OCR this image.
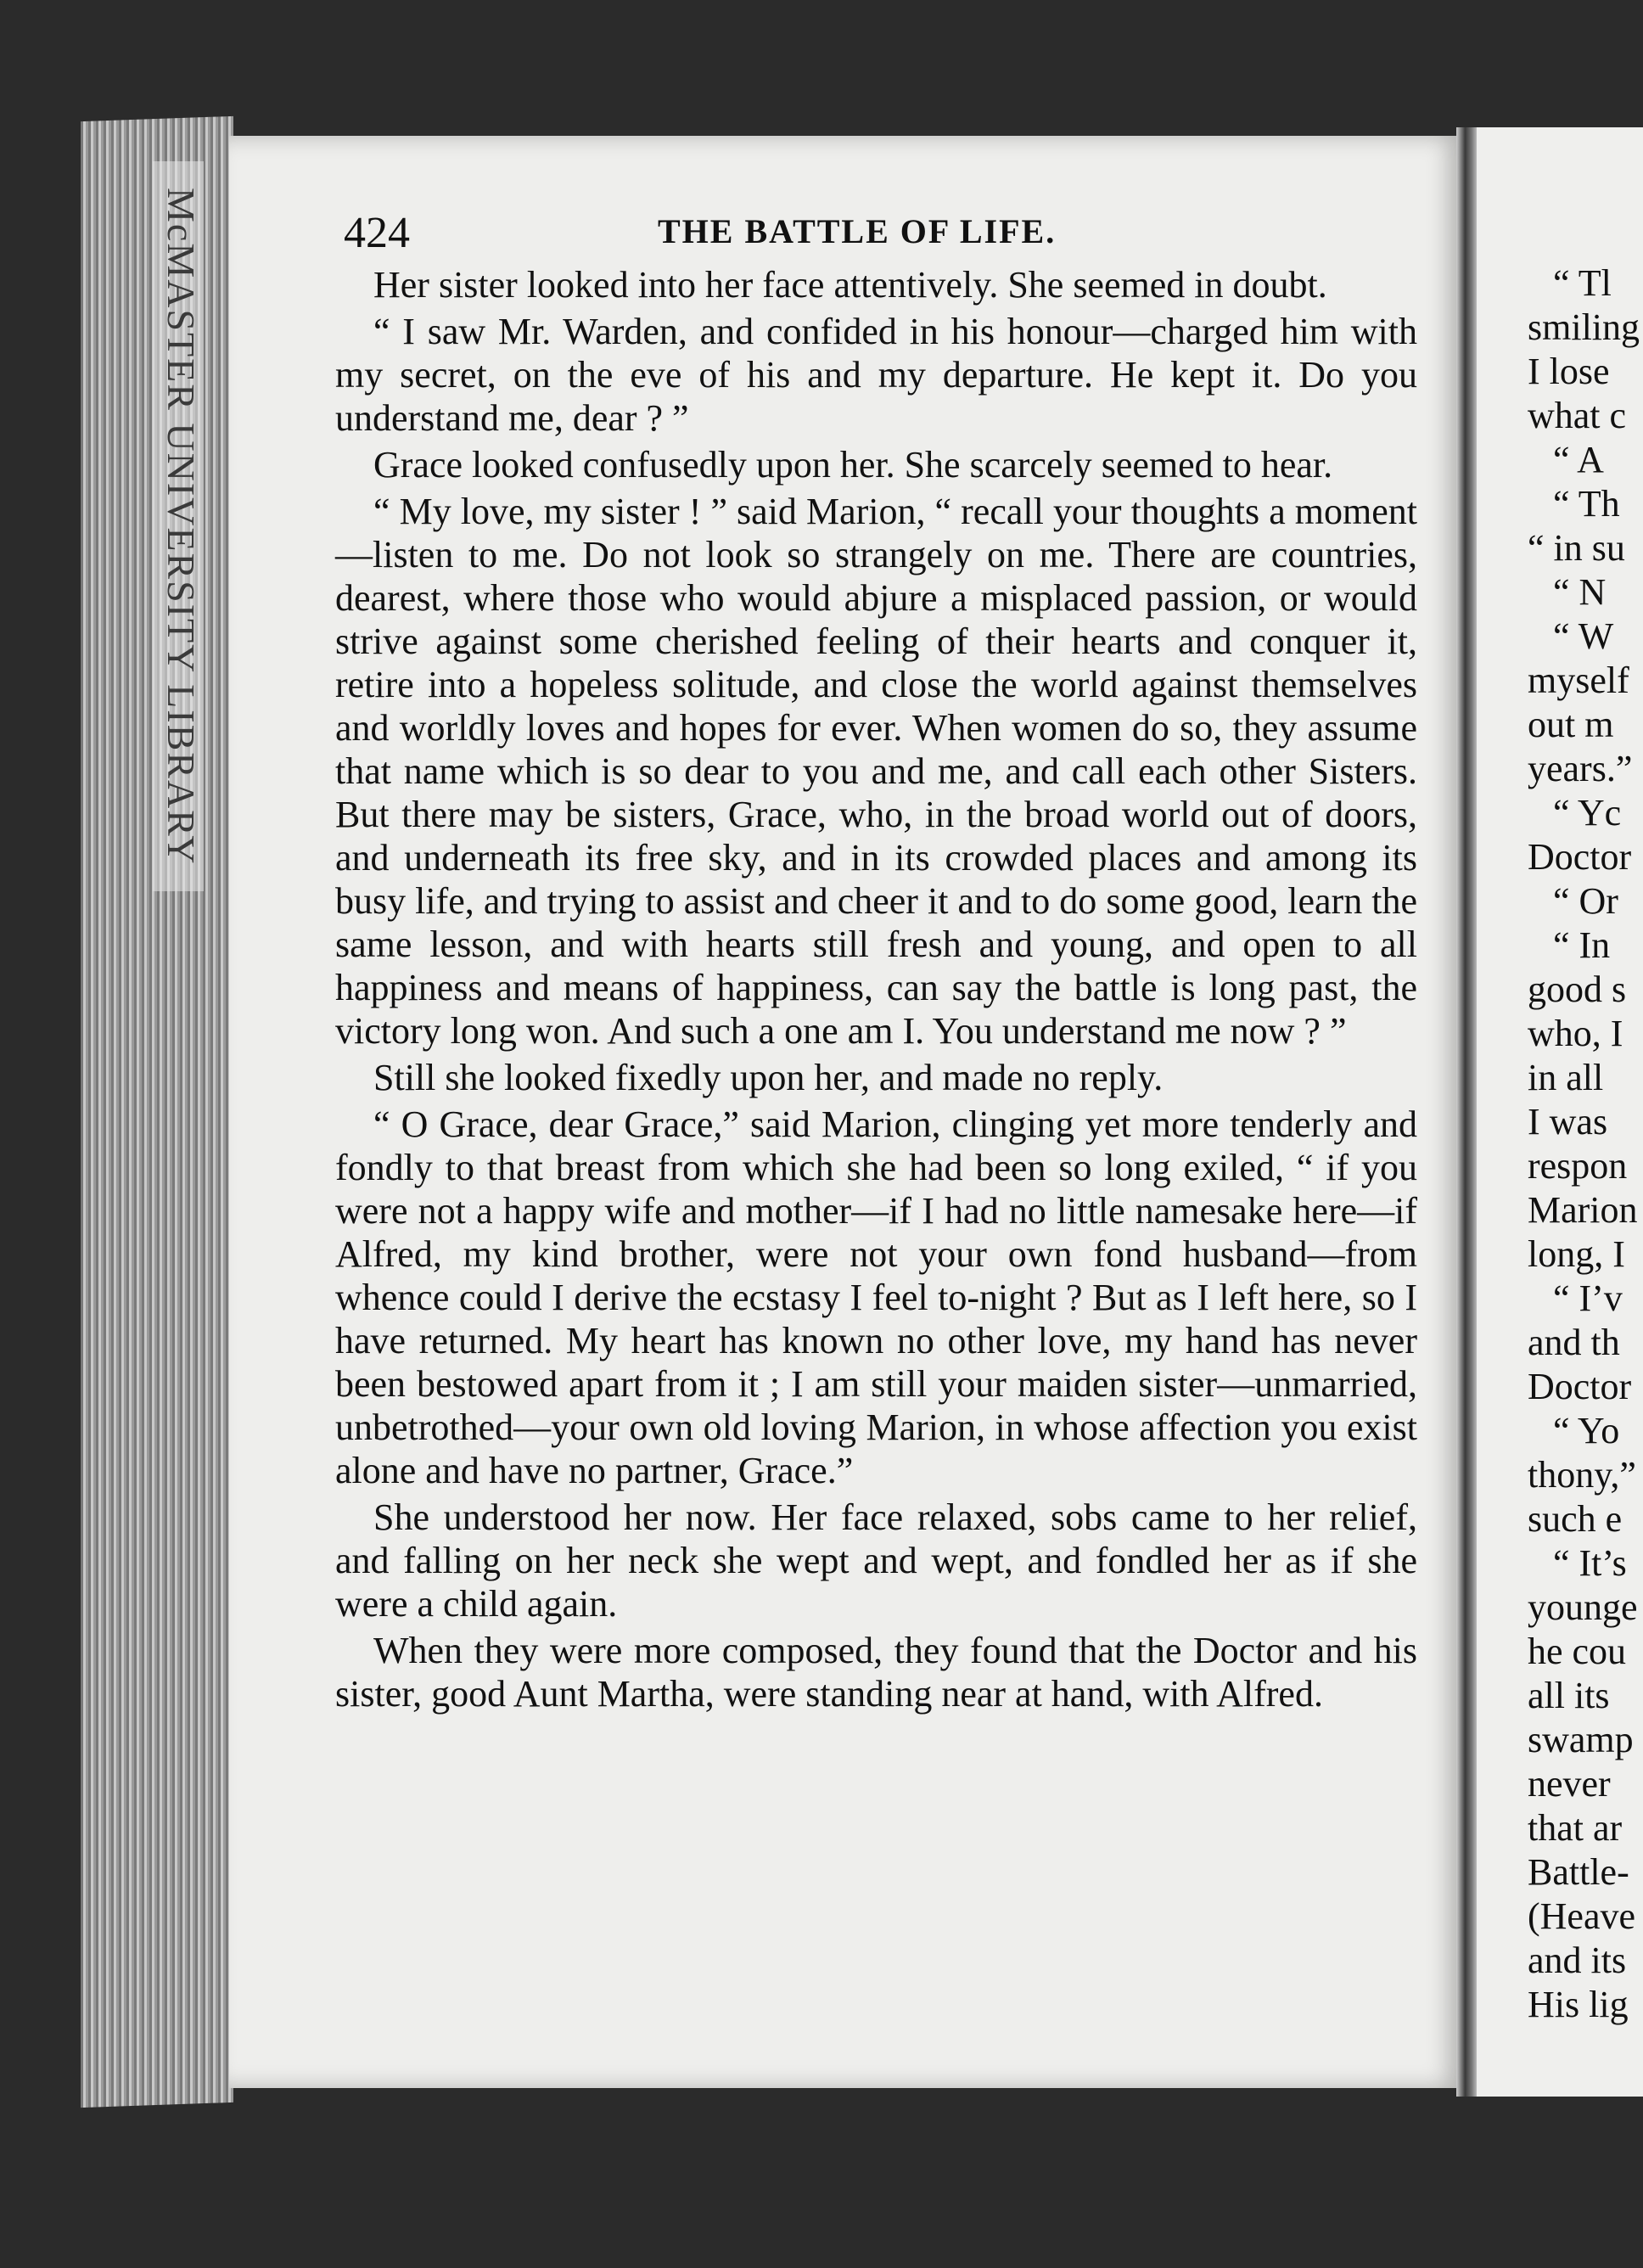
McMASTER UNIVERSITY LIBRARY	424	THE BATTLE OF LIFE.

Her sister looked into her face attentively. She seemed in doubt.

“ I saw Mr. Warden, and confided in his honour—charged him with my secret, on the eve of his and my departure. He kept it. Do you understand me, dear ? ”

Grace looked confusedly upon her. She scarcely seemed to hear.

“ My love, my sister ! ” said Marion, “ recall your thoughts a moment—listen to me. Do not look so strangely on me. There are countries, dearest, where those who would abjure a misplaced passion, or would strive against some cherished feeling of their hearts and conquer it, retire into a hopeless solitude, and close the world against themselves and worldly loves and hopes for ever. When women do so, they assume that name which is so dear to you and me, and call each other Sisters. But there may be sisters, Grace, who, in the broad world out of doors, and underneath its free sky, and in its crowded places and among its busy life, and trying to assist and cheer it and to do some good, learn the same lesson, and with hearts still fresh and young, and open to all happiness and means of happiness, can say the battle is long past, the victory long won. And such a one am I. You understand me now ? ”

Still she looked fixedly upon her, and made no reply.

“ O Grace, dear Grace,” said Marion, clinging yet more tenderly and fondly to that breast from which she had been so long exiled, “ if you were not a happy wife and mother—if I had no little namesake here—if Alfred, my kind brother, were not your own fond husband—from whence could I derive the ecstasy I feel to-night ? But as I left here, so I have returned. My heart has known no other love, my hand has never been bestowed apart from it ; I am still your maiden sister—unmarried, unbetrothed—your own old loving Marion, in whose affection you exist alone and have no partner, Grace.”

She understood her now. Her face relaxed, sobs came to her relief, and falling on her neck she wept and wept, and fondled her as if she were a child again.

When they were more composed, they found that the Doctor and his sister, good Aunt Martha, were standing near at hand, with Alfred.

“ Tl
smiling
I lose
what c
“ A
“ Th
“ in su
“ N
“ W
myself
out m
years.”
“ Yc
Doctor
“ Or
“ In
good s
who, I
in all
I was
respon
Marion
long, I
“ I’v
and th
Doctor
“ Yo
thony,”
such e
“ It’s
younge
he cou
all its
swamp
never
that ar
Battle-
(Heave
and its
His lig
